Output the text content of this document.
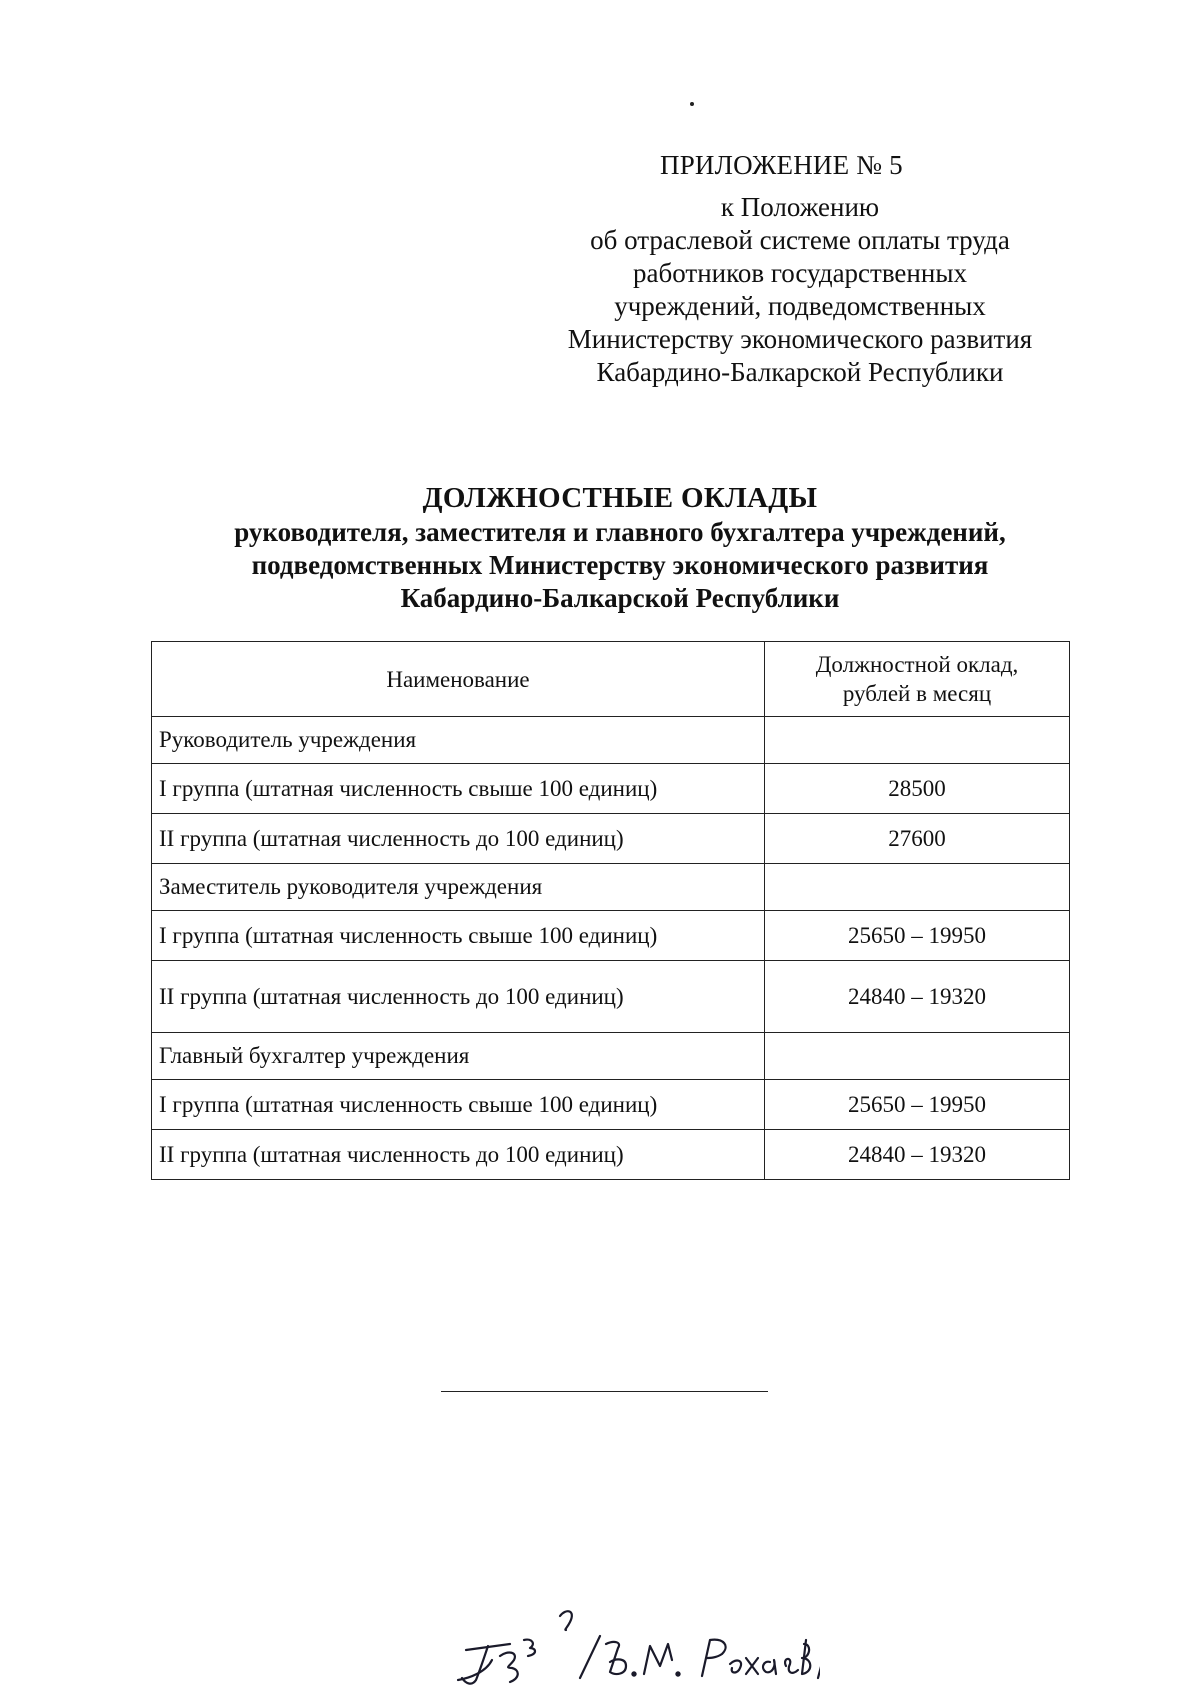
ПРИЛОЖЕНИЕ № 5
к Положению
об отраслевой системе оплаты труда
работников государственных
учреждений, подведомственных
Министерству экономического развития
Кабардино-Балкарской Республики
ДОЛЖНОСТНЫЕ ОКЛАДЫ
руководителя, заместителя и главного бухгалтера учреждений,
подведомственных Министерству экономического развития
Кабардино-Балкарской Республики
Наименование	Должностной оклад,
рублей в месяц

Руководитель учреждения	
I группа (штатная численность свыше 100 единиц)	28500
II группа (штатная численность до 100 единиц)	27600
Заместитель руководителя учреждения	
I группа (штатная численность свыше 100 единиц)	25650 – 19950
II группа (штатная численность до 100 единиц)	24840 – 19320
Главный бухгалтер учреждения	
I группа (штатная численность свыше 100 единиц)	25650 – 19950
II группа (штатная численность до 100 единиц)	24840 – 19320
